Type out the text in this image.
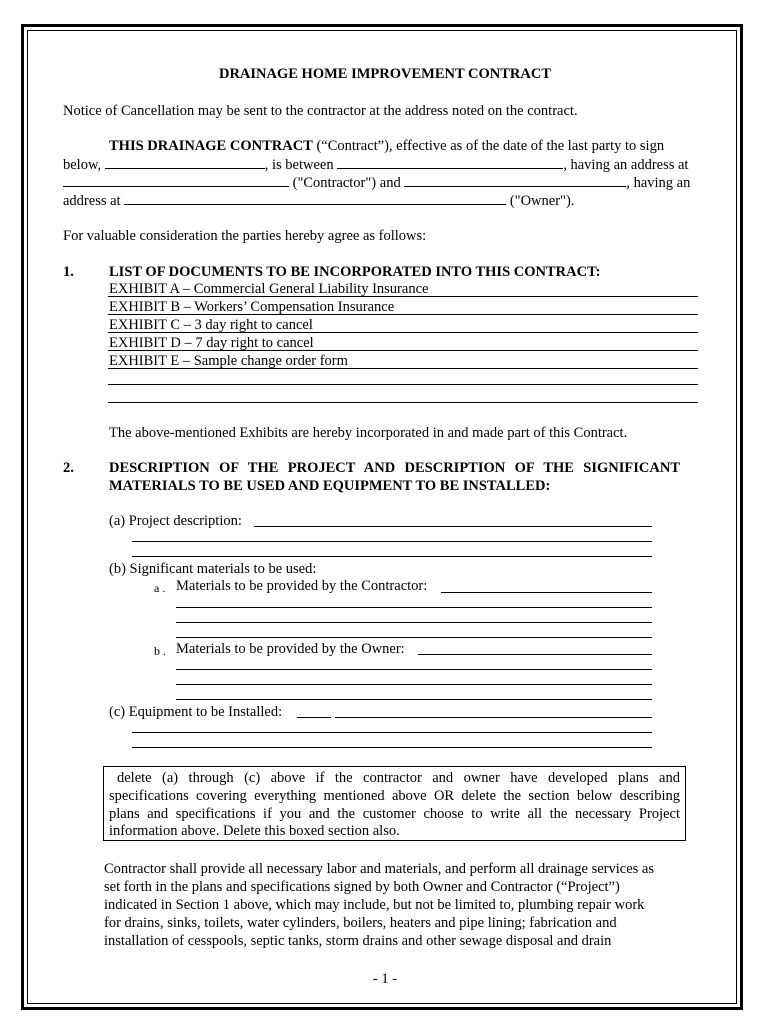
DRAINAGE HOME IMPROVEMENT CONTRACT
Notice of Cancellation may be sent to the contractor at the address noted on the contract.
THIS DRAINAGE CONTRACT (“Contract”), effective as of the date of the last party to sign
below,	, is between	, having an address at
("Contractor") and	, having an
address at	("Owner").
For valuable consideration the parties hereby agree as follows:
1. LIST OF DOCUMENTS TO BE INCORPORATED INTO THIS CONTRACT:
EXHIBIT A – Commercial General Liability Insurance
EXHIBIT B – Workers’ Compensation Insurance
EXHIBIT C – 3 day right to cancel
EXHIBIT D – 7 day right to cancel
EXHIBIT E – Sample change order form
The above-mentioned Exhibits are hereby incorporated in and made part of this Contract.
2. DESCRIPTION OF THE PROJECT AND DESCRIPTION OF THE SIGNIFICANT
MATERIALS TO BE USED AND EQUIPMENT TO BE INSTALLED:
(a) Project description:
(b) Significant materials to be used:
a . Materials to be provided by the Contractor:
b . Materials to be provided by the Owner:
(c) Equipment to be Installed:
delete (a) through (c) above if the contractor and owner have developed plans and
specifications covering everything mentioned above OR delete the section below describing
plans and specifications if you and the customer choose to write all the necessary Project
information above. Delete this boxed section also.
Contractor shall provide all necessary labor and materials, and perform all drainage services as
set forth in the plans and specifications signed by both Owner and Contractor (“Project”)
indicated in Section 1 above, which may include, but not be limited to, plumbing repair work
for drains, sinks, toilets, water cylinders, boilers, heaters and pipe lining; fabrication and
installation of cesspools, septic tanks, storm drains and other sewage disposal and drain
- 1 -
